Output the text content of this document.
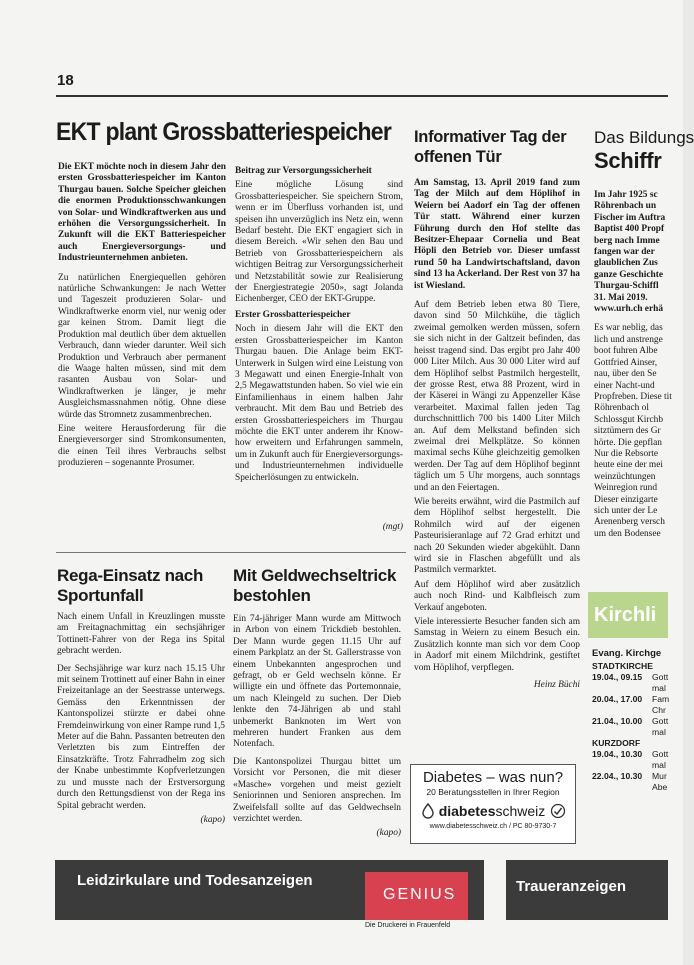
18
EKT plant Grossbatteriespeicher

Die EKT möchte noch in diesem Jahr den ersten Grossbatteriespeicher im Kanton Thurgau bauen. Solche Speicher gleichen die enormen Produktionsschwankungen von Solar- und Windkraftwerken aus und erhöhen die Versorgungssicherheit. In Zukunft will die EKT Batteriespeicher auch Energieversorgungs- und Industrieunternehmen anbieten.

Zu natürlichen Energiequellen gehören natürliche Schwankungen: Je nach Wetter und Tageszeit produzieren Solar- und Windkraftwerke enorm viel, nur wenig oder gar keinen Strom. Damit liegt die Produktion mal deutlich über dem aktuellen Verbrauch, dann wieder darunter. Weil sich Produktion und Verbrauch aber permanent die Waage halten müssen, sind mit dem rasanten Ausbau von Solar- und Windkraftwerken je länger, je mehr Ausgleichsmassnahmen nötig. Ohne diese würde das Stromnetz zusammenbrechen.

Eine weitere Herausforderung für die Energieversorger sind Stromkonsumenten, die einen Teil ihres Verbrauchs selbst produzieren – sogenannte Prosumer.

Beitrag zur Versorgungssicherheit

Eine mögliche Lösung sind Grossbatteriespeicher. Sie speichern Strom, wenn er im Überfluss vorhanden ist, und speisen ihn unverzüglich ins Netz ein, wenn Bedarf besteht. Die EKT engagiert sich in diesem Bereich. «Wir sehen den Bau und Betrieb von Grossbatteriespeichern als wichtigen Beitrag zur Versorgungssicherheit und Netzstabilität sowie zur Realisierung der Energiestrategie 2050», sagt Jolanda Eichenberger, CEO der EKT-Gruppe.

Erster Grossbatteriespeicher

Noch in diesem Jahr will die EKT den ersten Grossbatteriespeicher im Kanton Thurgau bauen. Die Anlage beim EKT-Unterwerk in Sulgen wird eine Leistung von 3 Megawatt und einen Energie-Inhalt von 2,5 Megawattstunden haben. So viel wie ein Einfamilienhaus in einem halben Jahr verbraucht. Mit dem Bau und Betrieb des ersten Grossbatteriespeichers im Thurgau möchte die EKT unter anderem ihr Know-how erweitern und Erfahrungen sammeln, um in Zukunft auch für Energieversorgungs- und Industrieunternehmen individuelle Speicherlösungen zu entwickeln.

(mgt)
Informativer Tag der offenen Tür

Am Samstag, 13. April 2019 fand zum Tag der Milch auf dem Höplihof in Weiern bei Aadorf ein Tag der offenen Tür statt. Während einer kurzen Führung durch den Hof stellte das Besitzer-Ehepaar Cornelia und Beat Höpli den Betrieb vor. Dieser umfasst rund 50 ha Landwirtschaftsland, davon sind 13 ha Ackerland. Der Rest von 37 ha ist Wiesland.

Auf dem Betrieb leben etwa 80 Tiere, davon sind 50 Milchkühe, die täglich zweimal gemolken werden müssen, sofern sie sich nicht in der Galtzeit befinden, das heisst tragend sind. Das ergibt pro Jahr 400 000 Liter Milch. Aus 30 000 Liter wird auf dem Höplihof selbst Pastmilch hergestellt, der grosse Rest, etwa 88 Prozent, wird in der Käserei in Wängi zu Appenzeller Käse verarbeitet. Maximal fallen jeden Tag durchschnittlich 700 bis 1400 Liter Milch an. Auf dem Melkstand befinden sich zweimal drei Melkplätze. So können maximal sechs Kühe gleichzeitig gemolken werden. Der Tag auf dem Höplihof beginnt täglich um 5 Uhr morgens, auch sonntags und an den Feiertagen.

Wie bereits erwähnt, wird die Pastmilch auf dem Höplihof selbst hergestellt. Die Rohmilch wird auf der eigenen Pasteurisieranlage auf 72 Grad erhitzt und nach 20 Sekunden wieder abgekühlt. Dann wird sie in Flaschen abgefüllt und als Pastmilch vermarktet.

Auf dem Höplihof wird aber zusätzlich auch noch Rind- und Kalbfleisch zum Verkauf angeboten.

Viele interessierte Besucher fanden sich am Samstag in Weiern zu einem Besuch ein. Zusätzlich konnte man sich vor dem Coop in Aadorf mit einem Milchdrink, gestiftet vom Höplihof, verpflegen.

Heinz Büchi

Rega-Einsatz nach Sportunfall

Nach einem Unfall in Kreuzlingen musste am Freitagnachmittag ein sechsjähriger Tottinett-Fahrer von der Rega ins Spital gebracht werden.

Der Sechsjährige war kurz nach 15.15 Uhr mit seinem Trottinett auf einer Bahn in einer Freizeitanlage an der Seestrasse unterwegs. Gemäss den Erkenntnissen der Kantonspolizei stürzte er dabei ohne Fremdeinwirkung von einer Rampe rund 1,5 Meter auf die Bahn. Passanten betreuten den Verletzten bis zum Eintreffen der Einsatzkräfte. Trotz Fahrradhelm zog sich der Knabe unbestimmte Kopfverletzungen zu und musste nach der Erstversorgung durch den Rettungsdienst von der Rega ins Spital gebracht werden.

(kapo)
Mit Geldwechseltrick bestohlen

Ein 74-jähriger Mann wurde am Mittwoch in Arbon von einem Trickdieb bestohlen. Der Mann wurde gegen 11.15 Uhr auf einem Parkplatz an der St. Gallerstrasse von einem Unbekannten angesprochen und gefragt, ob er Geld wechseln könne. Er willigte ein und öffnete das Portemonnaie, um nach Kleingeld zu suchen. Der Dieb lenkte den 74-Jährigen ab und stahl unbemerkt Banknoten im Wert von mehreren hundert Franken aus dem Notenfach.

Die Kantonspolizei Thurgau bittet um Vorsicht vor Personen, die mit dieser «Masche» vorgehen und meist gezielt Seniorinnen und Senioren ansprechen. Im Zweifelsfall sollte auf das Geldwechseln verzichtet werden.

(kapo)
Das Bildungs
Schiffr

Im Jahr 1925 sc Röhrenbach un Fischer im Auftra Baptist 400 Propf berg nach Imme fangen war der glaublichen Zus ganze Geschichte Thurgau-Schiffl 31. Mai 2019. www.urh.ch erhä

Es war neblig, das lich und anstrenge boot fuhren Albe Gottfried Ainser, nau, über den Se einer Nacht-und Propfreben. Diese tit Röhrenbach ol Schlossgut Kirchb sitztümern des Gr hörte. Die gepflan Nur die Rebsorte heute eine der mei weinzüchtungen Weinregion rund Dieser einzigarte sich unter der Le Arenenberg versch um den Bodensee

Kirchli
Evang. Kirchge
STADTKIRCHE
19.04., 09.15	Gott
mal
20.04., 17.00	Fam
Chr
21.04., 10.00	Gott
mal
KURZDORF
19.04., 10.30	Gott
mal
22.04., 10.30	Mur
Abe
Diabetes – was nun?
20 Beratungsstellen in Ihrer Region
diabetes schweiz
www.diabetesschweiz.ch / PC 80-9730-7
Leidzirkulare und Todesanzeigen
GENIUS
Die Druckerei in Frauenfeld
Traueranzeigen
